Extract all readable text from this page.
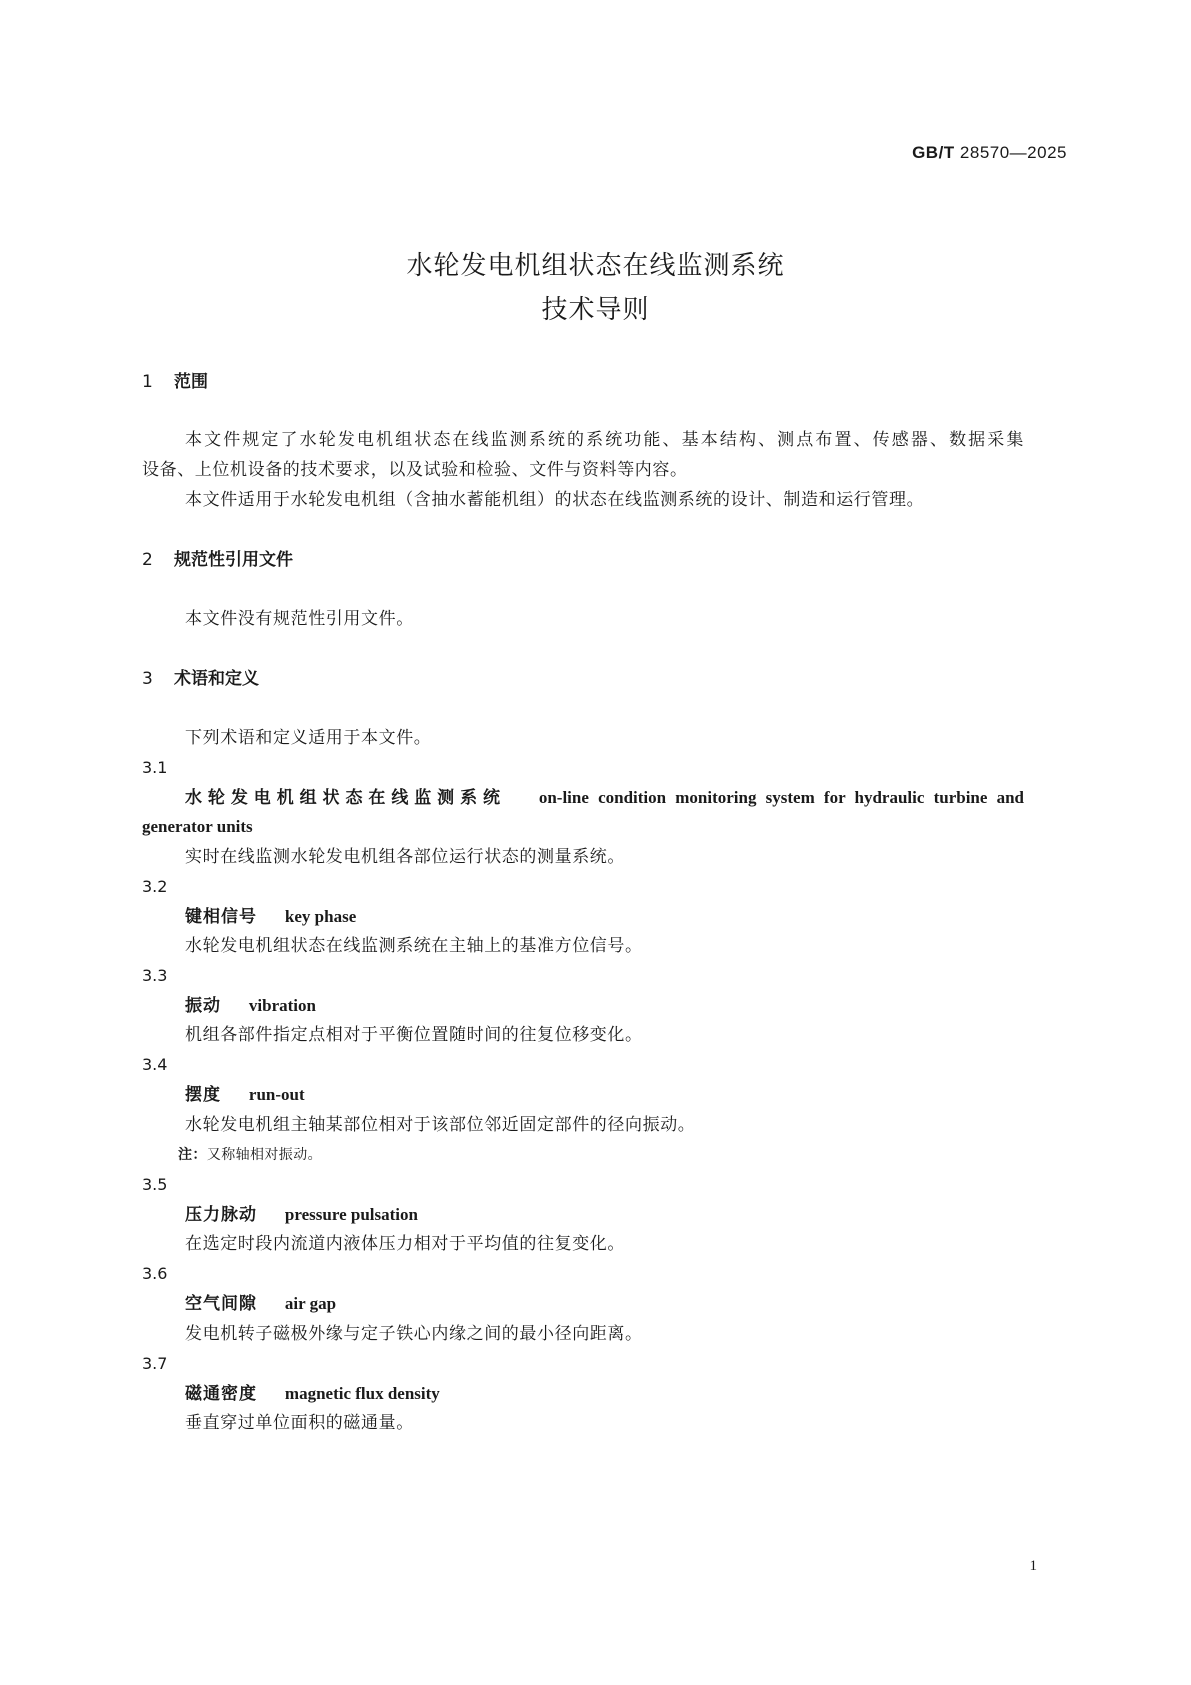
GB/T 28570—2025
水轮发电机组状态在线监测系统
技术导则
1 范围
本文件规定了水轮发电机组状态在线监测系统的系统功能、基本结构、测点布置、传感器、数据采集
设备、上位机设备的技术要求，以及试验和检验、文件与资料等内容。
本文件适用于水轮发电机组（含抽水蓄能机组）的状态在线监测系统的设计、制造和运行管理。
2 规范性引用文件
本文件没有规范性引用文件。
3 术语和定义
下列术语和定义适用于本文件。
3.1
水轮发电机组状态在线监测系统 on-line condition monitoring system for hydraulic turbine and
generator units
实时在线监测水轮发电机组各部位运行状态的测量系统。
3.2
键相信号 key phase
水轮发电机组状态在线监测系统在主轴上的基准方位信号。
3.3
振动 vibration
机组各部件指定点相对于平衡位置随时间的往复位移变化。
3.4
摆度 run-out
水轮发电机组主轴某部位相对于该部位邻近固定部件的径向振动。
注：又称轴相对振动。
3.5
压力脉动 pressure pulsation
在选定时段内流道内液体压力相对于平均值的往复变化。
3.6
空气间隙 air gap
发电机转子磁极外缘与定子铁心内缘之间的最小径向距离。
3.7
磁通密度 magnetic flux density
垂直穿过单位面积的磁通量。
1
